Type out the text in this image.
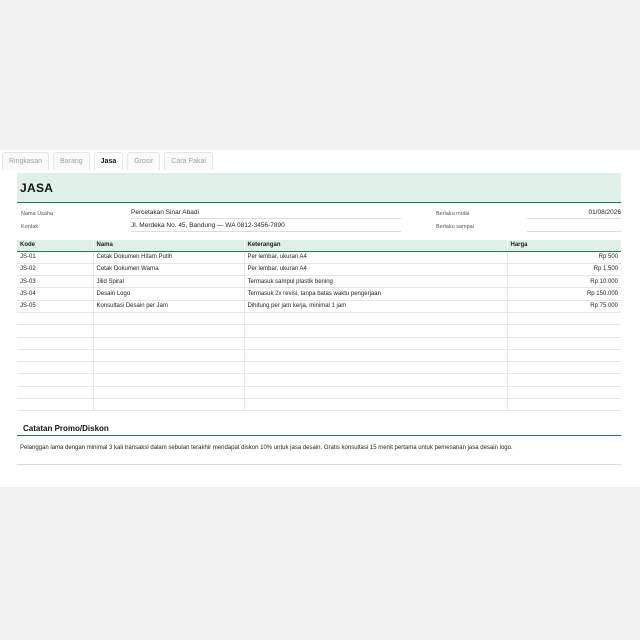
Ringkasan	Barang	Jasa	Grosir	Cara Pakai
JASA
Nama Usaha	Percetakan Sinar Abadi
Kontak	Jl. Merdeka No. 45, Bandung — WA 0812-3456-7890
Berlaku mulai	01/08/2026
Berlaku sampai
Kode	Nama	Keterangan	Harga
JS-01	Cetak Dokumen Hitam Putih	Per lembar, ukuran A4	Rp 500
JS-02	Cetak Dokumen Warna	Per lembar, ukuran A4	Rp 1.500
JS-03	Jilid Spiral	Termasuk sampul plastik bening	Rp 10.000
JS-04	Desain Logo	Termasuk 2x revisi, tanpa batas waktu pengerjaan	Rp 150.000
JS-05	Konsultasi Desain per Jam	Dihitung per jam kerja, minimal 1 jam	Rp 75.000

Catatan Promo/Diskon
Pelanggan lama dengan minimal 3 kali transaksi dalam sebulan terakhir mendapat diskon 10% untuk jasa desain. Gratis konsultasi 15 menit pertama untuk pemesanan jasa desain logo.
